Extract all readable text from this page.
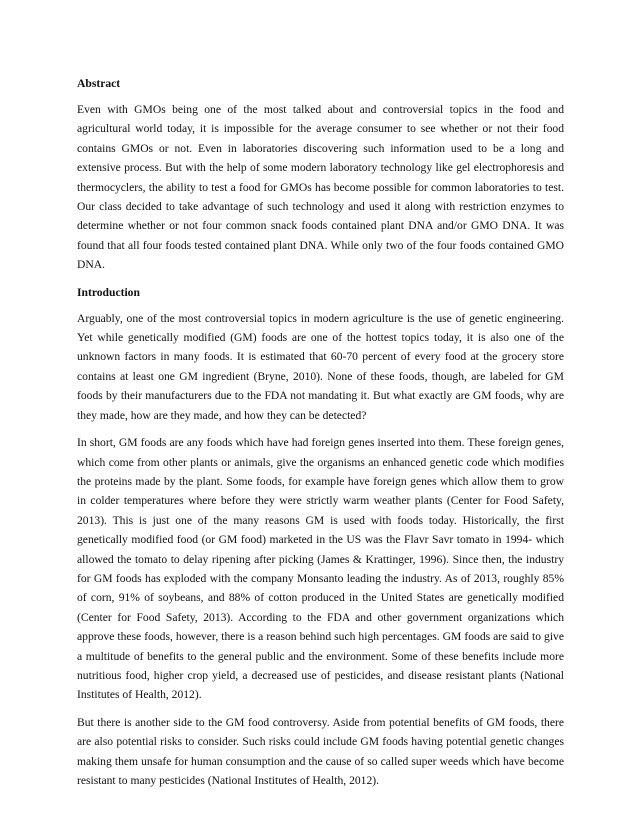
Abstract

Even with GMOs being one of the most talked about and controversial topics in the food and agricultural world today, it is impossible for the average consumer to see whether or not their food contains GMOs or not. Even in laboratories discovering such information used to be a long and extensive process. But with the help of some modern laboratory technology like gel electrophoresis and thermocyclers, the ability to test a food for GMOs has become possible for common laboratories to test. Our class decided to take advantage of such technology and used it along with restriction enzymes to determine whether or not four common snack foods contained plant DNA and/or GMO DNA. It was found that all four foods tested contained plant DNA. While only two of the four foods contained GMO DNA.

Introduction

Arguably, one of the most controversial topics in modern agriculture is the use of genetic engineering. Yet while genetically modified (GM) foods are one of the hottest topics today, it is also one of the unknown factors in many foods. It is estimated that 60-70 percent of every food at the grocery store contains at least one GM ingredient (Bryne, 2010). None of these foods, though, are labeled for GM foods by their manufacturers due to the FDA not mandating it. But what exactly are GM foods, why are they made, how are they made, and how they can be detected?

In short, GM foods are any foods which have had foreign genes inserted into them. These foreign genes, which come from other plants or animals, give the organisms an enhanced genetic code which modifies the proteins made by the plant. Some foods, for example have foreign genes which allow them to grow in colder temperatures where before they were strictly warm weather plants (Center for Food Safety, 2013). This is just one of the many reasons GM is used with foods today. Historically, the first genetically modified food (or GM food) marketed in the US was the Flavr Savr tomato in 1994- which allowed the tomato to delay ripening after picking (James & Krattinger, 1996). Since then, the industry for GM foods has exploded with the company Monsanto leading the industry. As of 2013, roughly 85% of corn, 91% of soybeans, and 88% of cotton produced in the United States are genetically modified (Center for Food Safety, 2013). According to the FDA and other government organizations which approve these foods, however, there is a reason behind such high percentages. GM foods are said to give a multitude of benefits to the general public and the environment. Some of these benefits include more nutritious food, higher crop yield, a decreased use of pesticides, and disease resistant plants (National Institutes of Health, 2012).

But there is another side to the GM food controversy. Aside from potential benefits of GM foods, there are also potential risks to consider. Such risks could include GM foods having potential genetic changes making them unsafe for human consumption and the cause of so called super weeds which have become resistant to many pesticides (National Institutes of Health, 2012).
